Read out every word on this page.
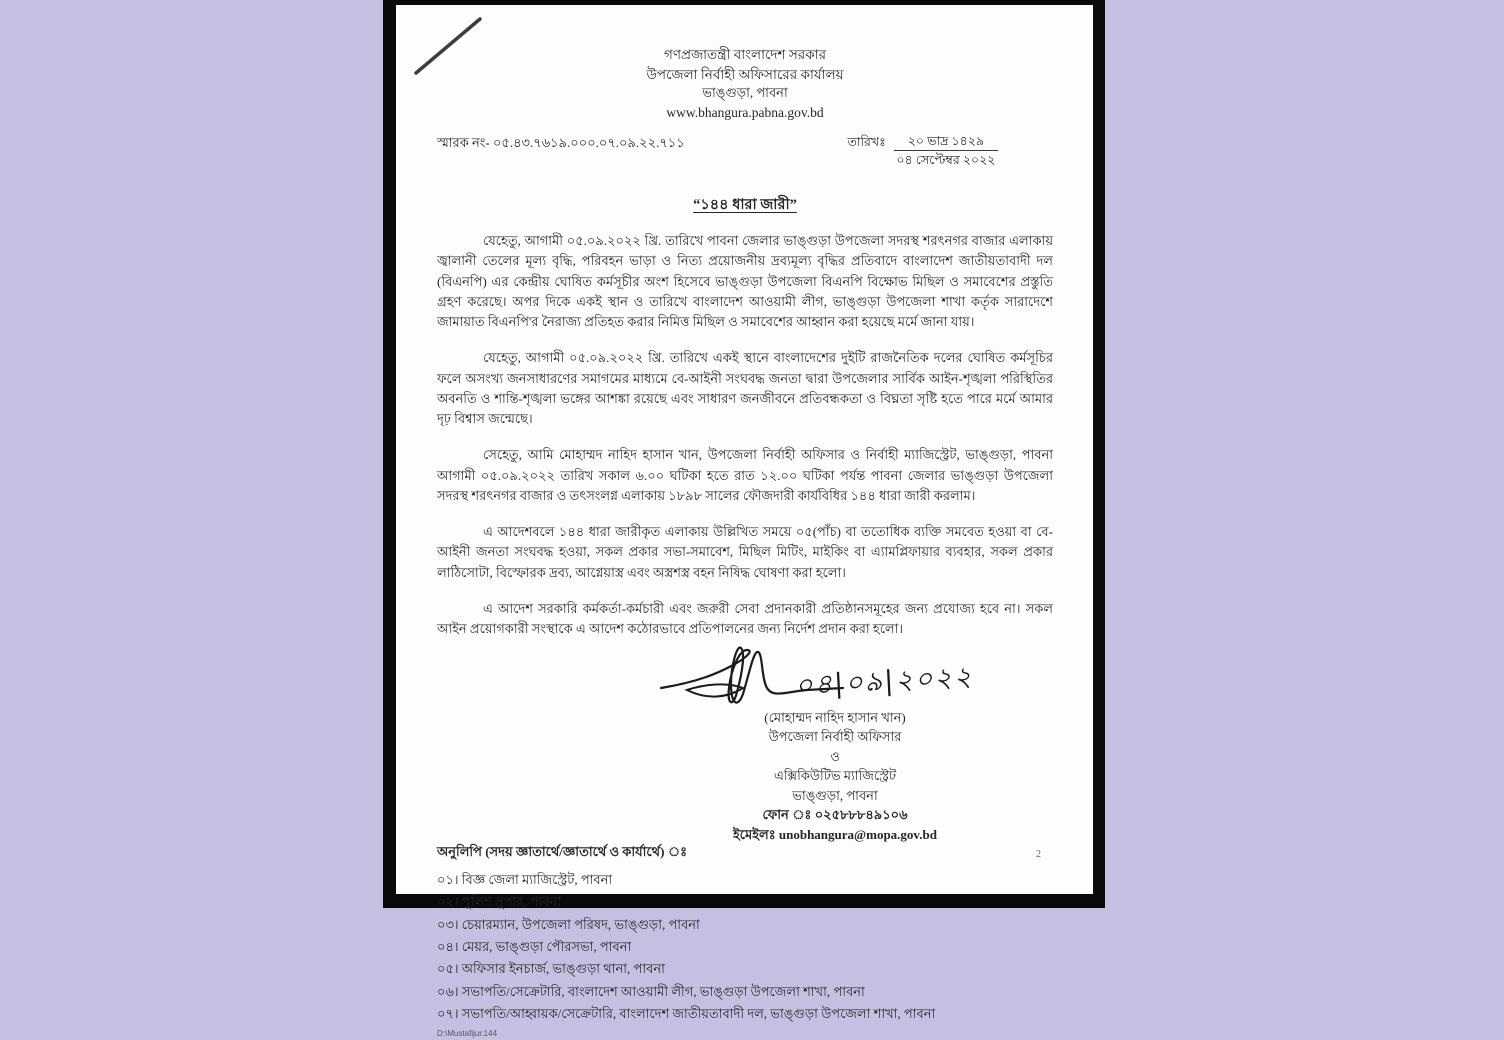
গণপ্রজাতন্ত্রী বাংলাদেশ সরকার
উপজেলা নির্বাহী অফিসারের কার্যালয়
ভাঙ্গুড়া, পাবনা
www.bhangura.pabna.gov.bd
স্মারক নং- ০৫.৪৩.৭৬১৯.০০০.০৭.০৯.২২.৭১১	তারিখঃ	২০ ভাদ্র ১৪২৯
০৪ সেপ্টেম্বর ২০২২
“১৪৪ ধারা জারী”

যেহেতু, আগামী ০৫.০৯.২০২২ খ্রি. তারিখে পাবনা জেলার ভাঙ্গুড়া উপজেলা সদরস্থ শরৎনগর বাজার এলাকায় জ্বালানী তেলের মূল্য বৃদ্ধি, পরিবহন ভাড়া ও নিত্য প্রয়োজনীয় দ্রব্যমূল্য বৃদ্ধির প্রতিবাদে বাংলাদেশ জাতীয়তাবাদী দল (বিএনপি) এর কেন্দ্রীয় ঘোষিত কর্মসূচীর অংশ হিসেবে ভাঙ্গুড়া উপজেলা বিএনপি বিক্ষোভ মিছিল ও সমাবেশের প্রস্তুতি গ্রহণ করেছে। অপর দিকে একই স্থান ও তারিখে বাংলাদেশ আওয়ামী লীগ, ভাঙ্গুড়া উপজেলা শাখা কর্তৃক সারাদেশে জামায়াত বিএনপি'র নৈরাজ্য প্রতিহত করার নিমিত্ত মিছিল ও সমাবেশের আহ্বান করা হয়েছে মর্মে জানা যায়।

যেহেতু, আগামী ০৫.০৯.২০২২ খ্রি. তারিখে একই স্থানে বাংলাদেশের দুইটি রাজনৈতিক দলের ঘোষিত কর্মসূচির ফলে অসংখ্য জনসাধারণের সমাগমের মাধ্যমে বে-আইনী সংঘবদ্ধ জনতা দ্বারা উপজেলার সার্বিক আইন-শৃঙ্খলা পরিস্থিতির অবনতি ও শান্তি-শৃঙ্খলা ভঙ্গের আশঙ্কা রয়েছে এবং সাধারণ জনজীবনে প্রতিবন্ধকতা ও বিঘ্নতা সৃষ্টি হতে পারে মর্মে আমার দৃঢ় বিশ্বাস জন্মেছে।

সেহেতু, আমি মোহাম্মদ নাহিদ হাসান খান, উপজেলা নির্বাহী অফিসার ও নির্বাহী ম্যাজিস্ট্রেট, ভাঙ্গুড়া, পাবনা আগামী ০৫.০৯.২০২২ তারিখ সকাল ৬.০০ ঘটিকা হতে রাত ১২.০০ ঘটিকা পর্যন্ত পাবনা জেলার ভাঙ্গুড়া উপজেলা সদরস্থ শরৎনগর বাজার ও তৎসংলগ্ন এলাকায় ১৮৯৮ সালের ফৌজদারী কার্যবিধির ১৪৪ ধারা জারী করলাম।

এ আদেশবলে ১৪৪ ধারা জারীকৃত এলাকায় উল্লিখিত সময়ে ০৫(পাঁচ) বা ততোধিক ব্যক্তি সমবেত হওয়া বা বে-আইনী জনতা সংঘবদ্ধ হওয়া, সকল প্রকার সভা-সমাবেশ, মিছিল মিটিং, মাইকিং বা এ্যামপ্লিফায়ার ব্যবহার, সকল প্রকার লাঠিসোটা, বিস্ফোরক দ্রব্য, আগ্নেয়াস্ত্র এবং অস্ত্রশস্ত্র বহন নিষিদ্ধ ঘোষণা করা হলো।

এ আদেশ সরকারি কর্মকর্তা-কর্মচারী এবং জরুরী সেবা প্রদানকারী প্রতিষ্ঠানসমূহের জন্য প্রযোজ্য হবে না। সকল আইন প্রয়োগকারী সংস্থাকে এ আদেশ কঠোরভাবে প্রতিপালনের জন্য নির্দেশ প্রদান করা হলো।

০৪|০৯|২০২২
(মোহাম্মদ নাহিদ হাসান খান)
উপজেলা নির্বাহী অফিসার
ও
এক্সিকিউটিভ ম্যাজিস্ট্রেট
ভাঙ্গুড়া, পাবনা
ফোন ঃ ০২৫৮৮৮৪৯১০৬
ইমেইলঃ unobhangura@mopa.gov.bd
অনুলিপি (সদয় জ্ঞাতার্থে/জ্ঞাতার্থে ও কার্যার্থে) ঃ
০১। বিজ্ঞ জেলা ম্যাজিস্ট্রেট, পাবনা
০২। পুলিশ সুপার, পাবনা
০৩। চেয়ারম্যান, উপজেলা পরিষদ, ভাঙ্গুড়া, পাবনা
০৪। মেয়র, ভাঙ্গুড়া পৌরসভা, পাবনা
০৫। অফিসার ইনচার্জ, ভাঙ্গুড়া থানা, পাবনা
০৬। সভাপতি/সেক্রেটারি, বাংলাদেশ আওয়ামী লীগ, ভাঙ্গুড়া উপজেলা শাখা, পাবনা
০৭। সভাপতি/আহ্বায়ক/সেক্রেটারি, বাংলাদেশ জাতীয়তাবাদী দল, ভাঙ্গুড়া উপজেলা শাখা, পাবনা
D:\Mustafijur.144
2
